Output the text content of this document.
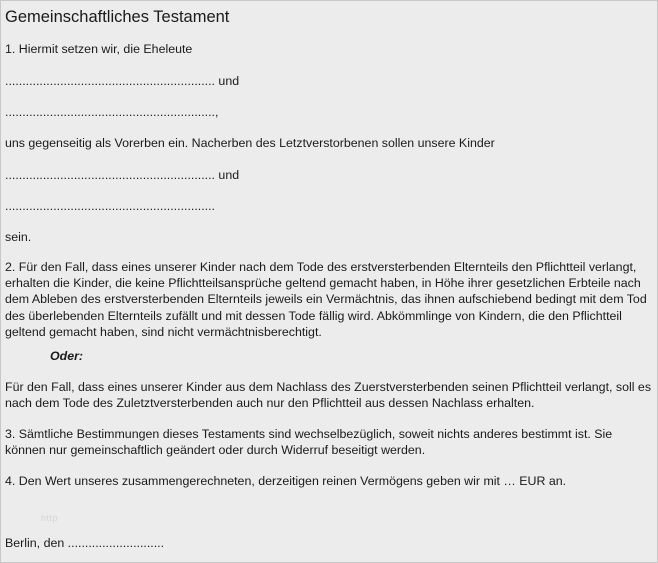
Gemeinschaftliches Testament
1. Hiermit setzen wir, die Eheleute
............................................................. und
.............................................................,
uns gegenseitig als Vorerben ein. Nacherben des Letztverstorbenen sollen unsere Kinder
............................................................. und
.............................................................
sein.
2. Für den Fall, dass eines unserer Kinder nach dem Tode des erstversterbenden Elternteils den Pflichtteil verlangt, erhalten die Kinder, die keine Pflichtteilsansprüche geltend gemacht haben, in Höhe ihrer gesetzlichen Erbteile nach dem Ableben des erstversterbenden Elternteils jeweils ein Vermächtnis, das ihnen aufschiebend bedingt mit dem Tod des überlebenden Elternteils zufällt und mit dessen Tode fällig wird. Abkömmlinge von Kindern, die den Pflichtteil geltend gemacht haben, sind nicht vermächtnisberechtigt.
Oder:
Für den Fall, dass eines unserer Kinder aus dem Nachlass des Zuerstversterbenden seinen Pflichtteil verlangt, soll es nach dem Tode des Zuletztversterbenden auch nur den Pflichtteil aus dessen Nachlass erhalten.
3. Sämtliche Bestimmungen dieses Testaments sind wechselbezüglich, soweit nichts anderes bestimmt ist. Sie können nur gemeinschaftlich geändert oder durch Widerruf beseitigt werden.
4. Den Wert unseres zusammengerechneten, derzeitigen reinen Vermögens geben wir mit … EUR an.
http
Berlin, den ............................
